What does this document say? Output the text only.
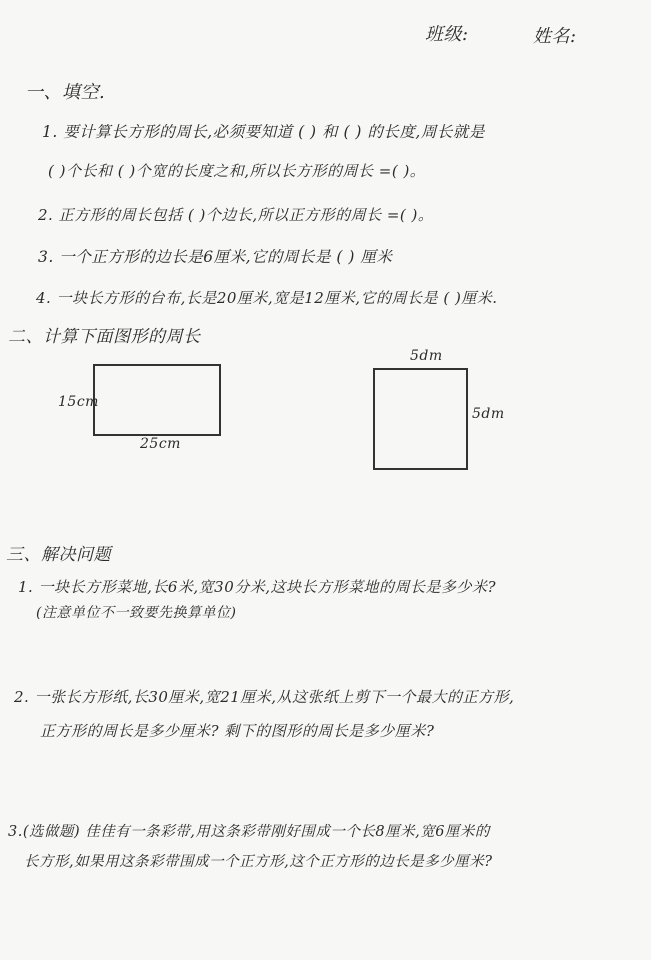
班级:	姓名:
一、填空.
1. 要计算长方形的周长,必须要知道 ( ) 和 ( ) 的长度,周长就是
( )个长和 ( )个宽的长度之和,所以长方形的周长 =( )。
2. 正方形的周长包括 ( )个边长,所以正方形的周长 =( )。
3. 一个正方形的边长是6厘米,它的周长是 ( ) 厘米
4. 一块长方形的台布,长是20厘米,宽是12厘米,它的周长是 ( )厘米.
二、计算下面图形的周长
15cm
25cm
5dm
5dm
三、解决问题
1. 一块长方形菜地,长6米,宽30分米,这块长方形菜地的周长是多少米?
(注意单位不一致要先换算单位)
2. 一张长方形纸,长30厘米,宽21厘米,从这张纸上剪下一个最大的正方形,
正方形的周长是多少厘米? 剩下的图形的周长是多少厘米?
3.(选做题) 佳佳有一条彩带,用这条彩带刚好围成一个长8厘米,宽6厘米的
长方形,如果用这条彩带围成一个正方形,这个正方形的边长是多少厘米?
